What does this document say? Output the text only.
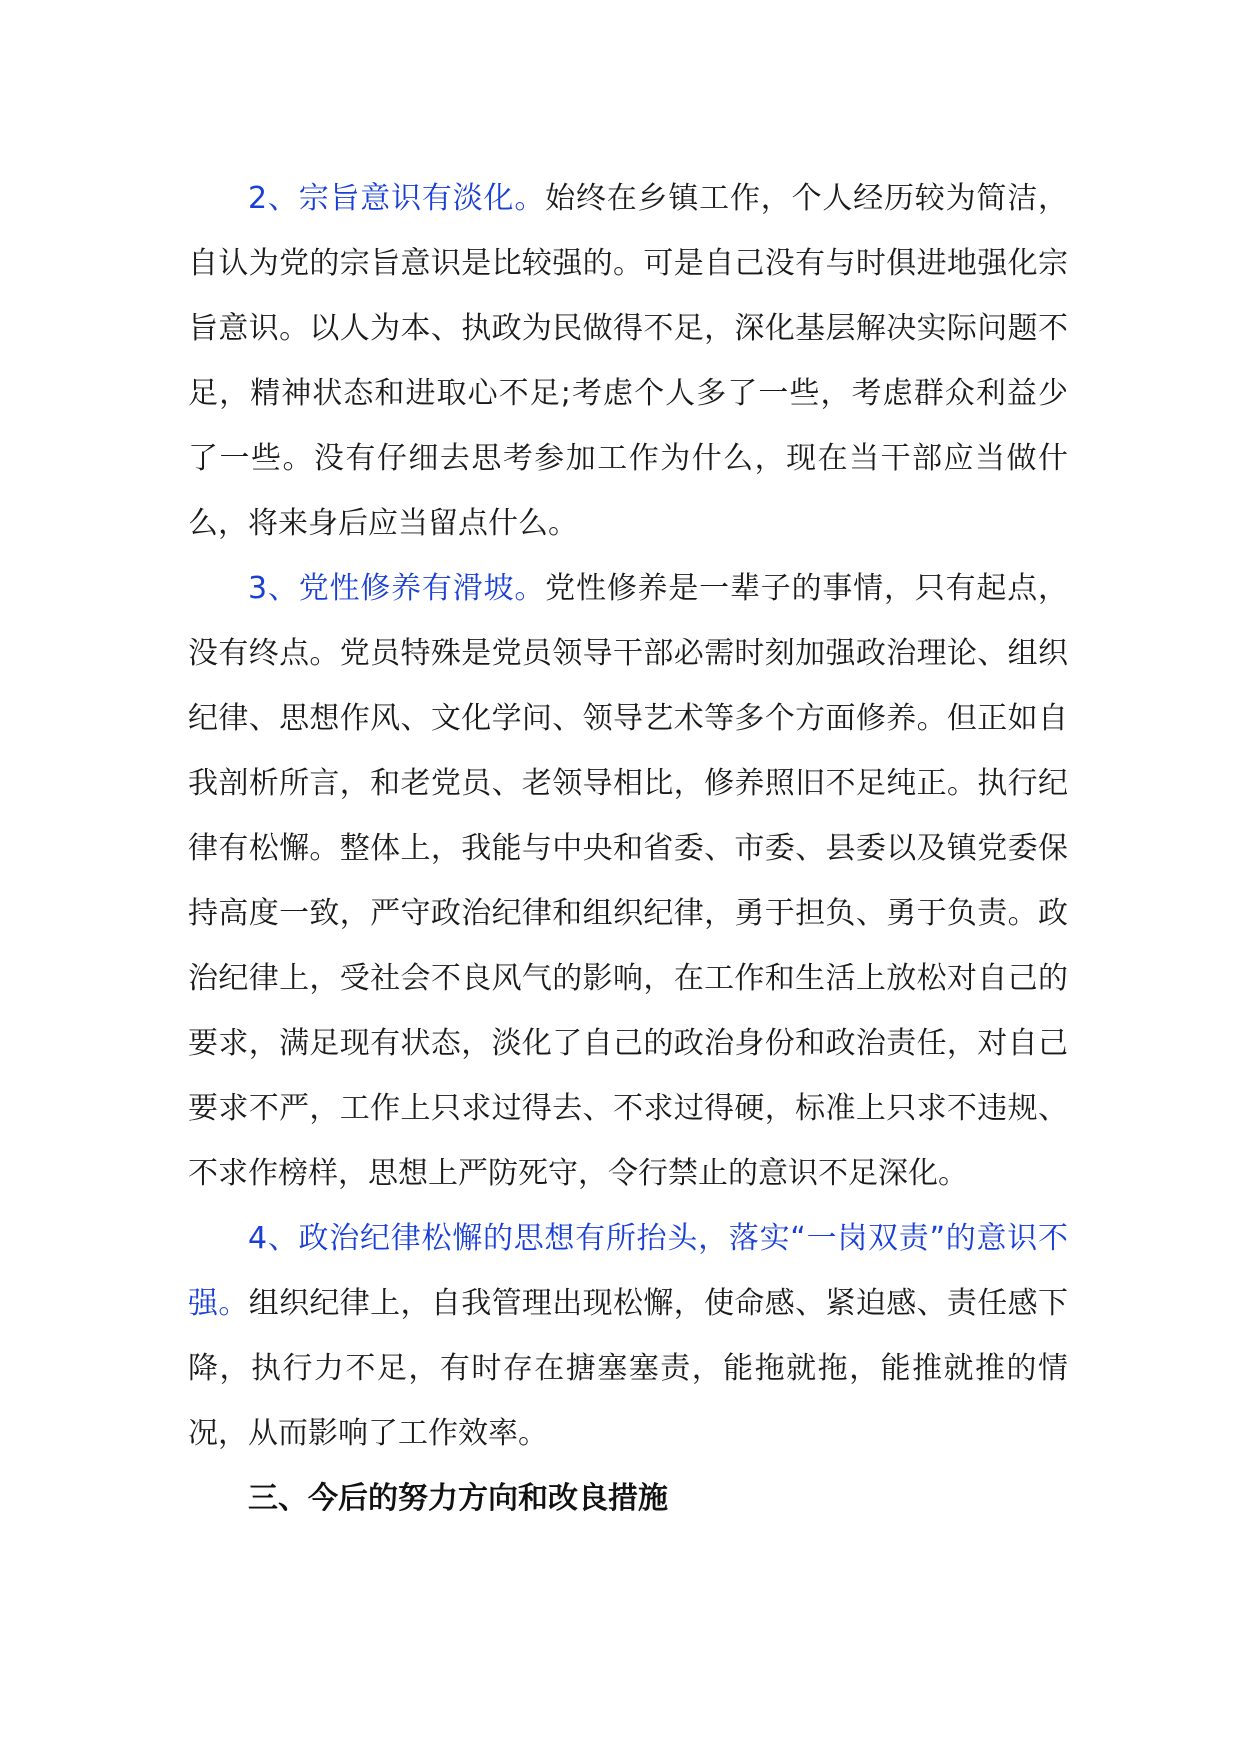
2、宗旨意识有淡化。始终在乡镇工作，个人经历较为简洁，自认为党的宗旨意识是比较强的。可是自己没有与时俱进地强化宗旨意识。以人为本、执政为民做得不足，深化基层解决实际问题不足，精神状态和进取心不足;考虑个人多了一些，考虑群众利益少了一些。没有仔细去思考参加工作为什么，现在当干部应当做什么，将来身后应当留点什么。

3、党性修养有滑坡。党性修养是一辈子的事情，只有起点，没有终点。党员特殊是党员领导干部必需时刻加强政治理论、组织纪律、思想作风、文化学问、领导艺术等多个方面修养。但正如自我剖析所言，和老党员、老领导相比，修养照旧不足纯正。执行纪律有松懈。整体上，我能与中央和省委、市委、县委以及镇党委保持高度一致，严守政治纪律和组织纪律，勇于担负、勇于负责。政治纪律上，受社会不良风气的影响，在工作和生活上放松对自己的要求，满足现有状态，淡化了自己的政治身份和政治责任，对自己要求不严，工作上只求过得去、不求过得硬，标准上只求不违规、不求作榜样，思想上严防死守，令行禁止的意识不足深化。

4、政治纪律松懈的思想有所抬头，落实“一岗双责”的意识不强。组织纪律上，自我管理出现松懈，使命感、紧迫感、责任感下降，执行力不足，有时存在搪塞塞责，能拖就拖，能推就推的情况，从而影响了工作效率。

三、今后的努力方向和改良措施
